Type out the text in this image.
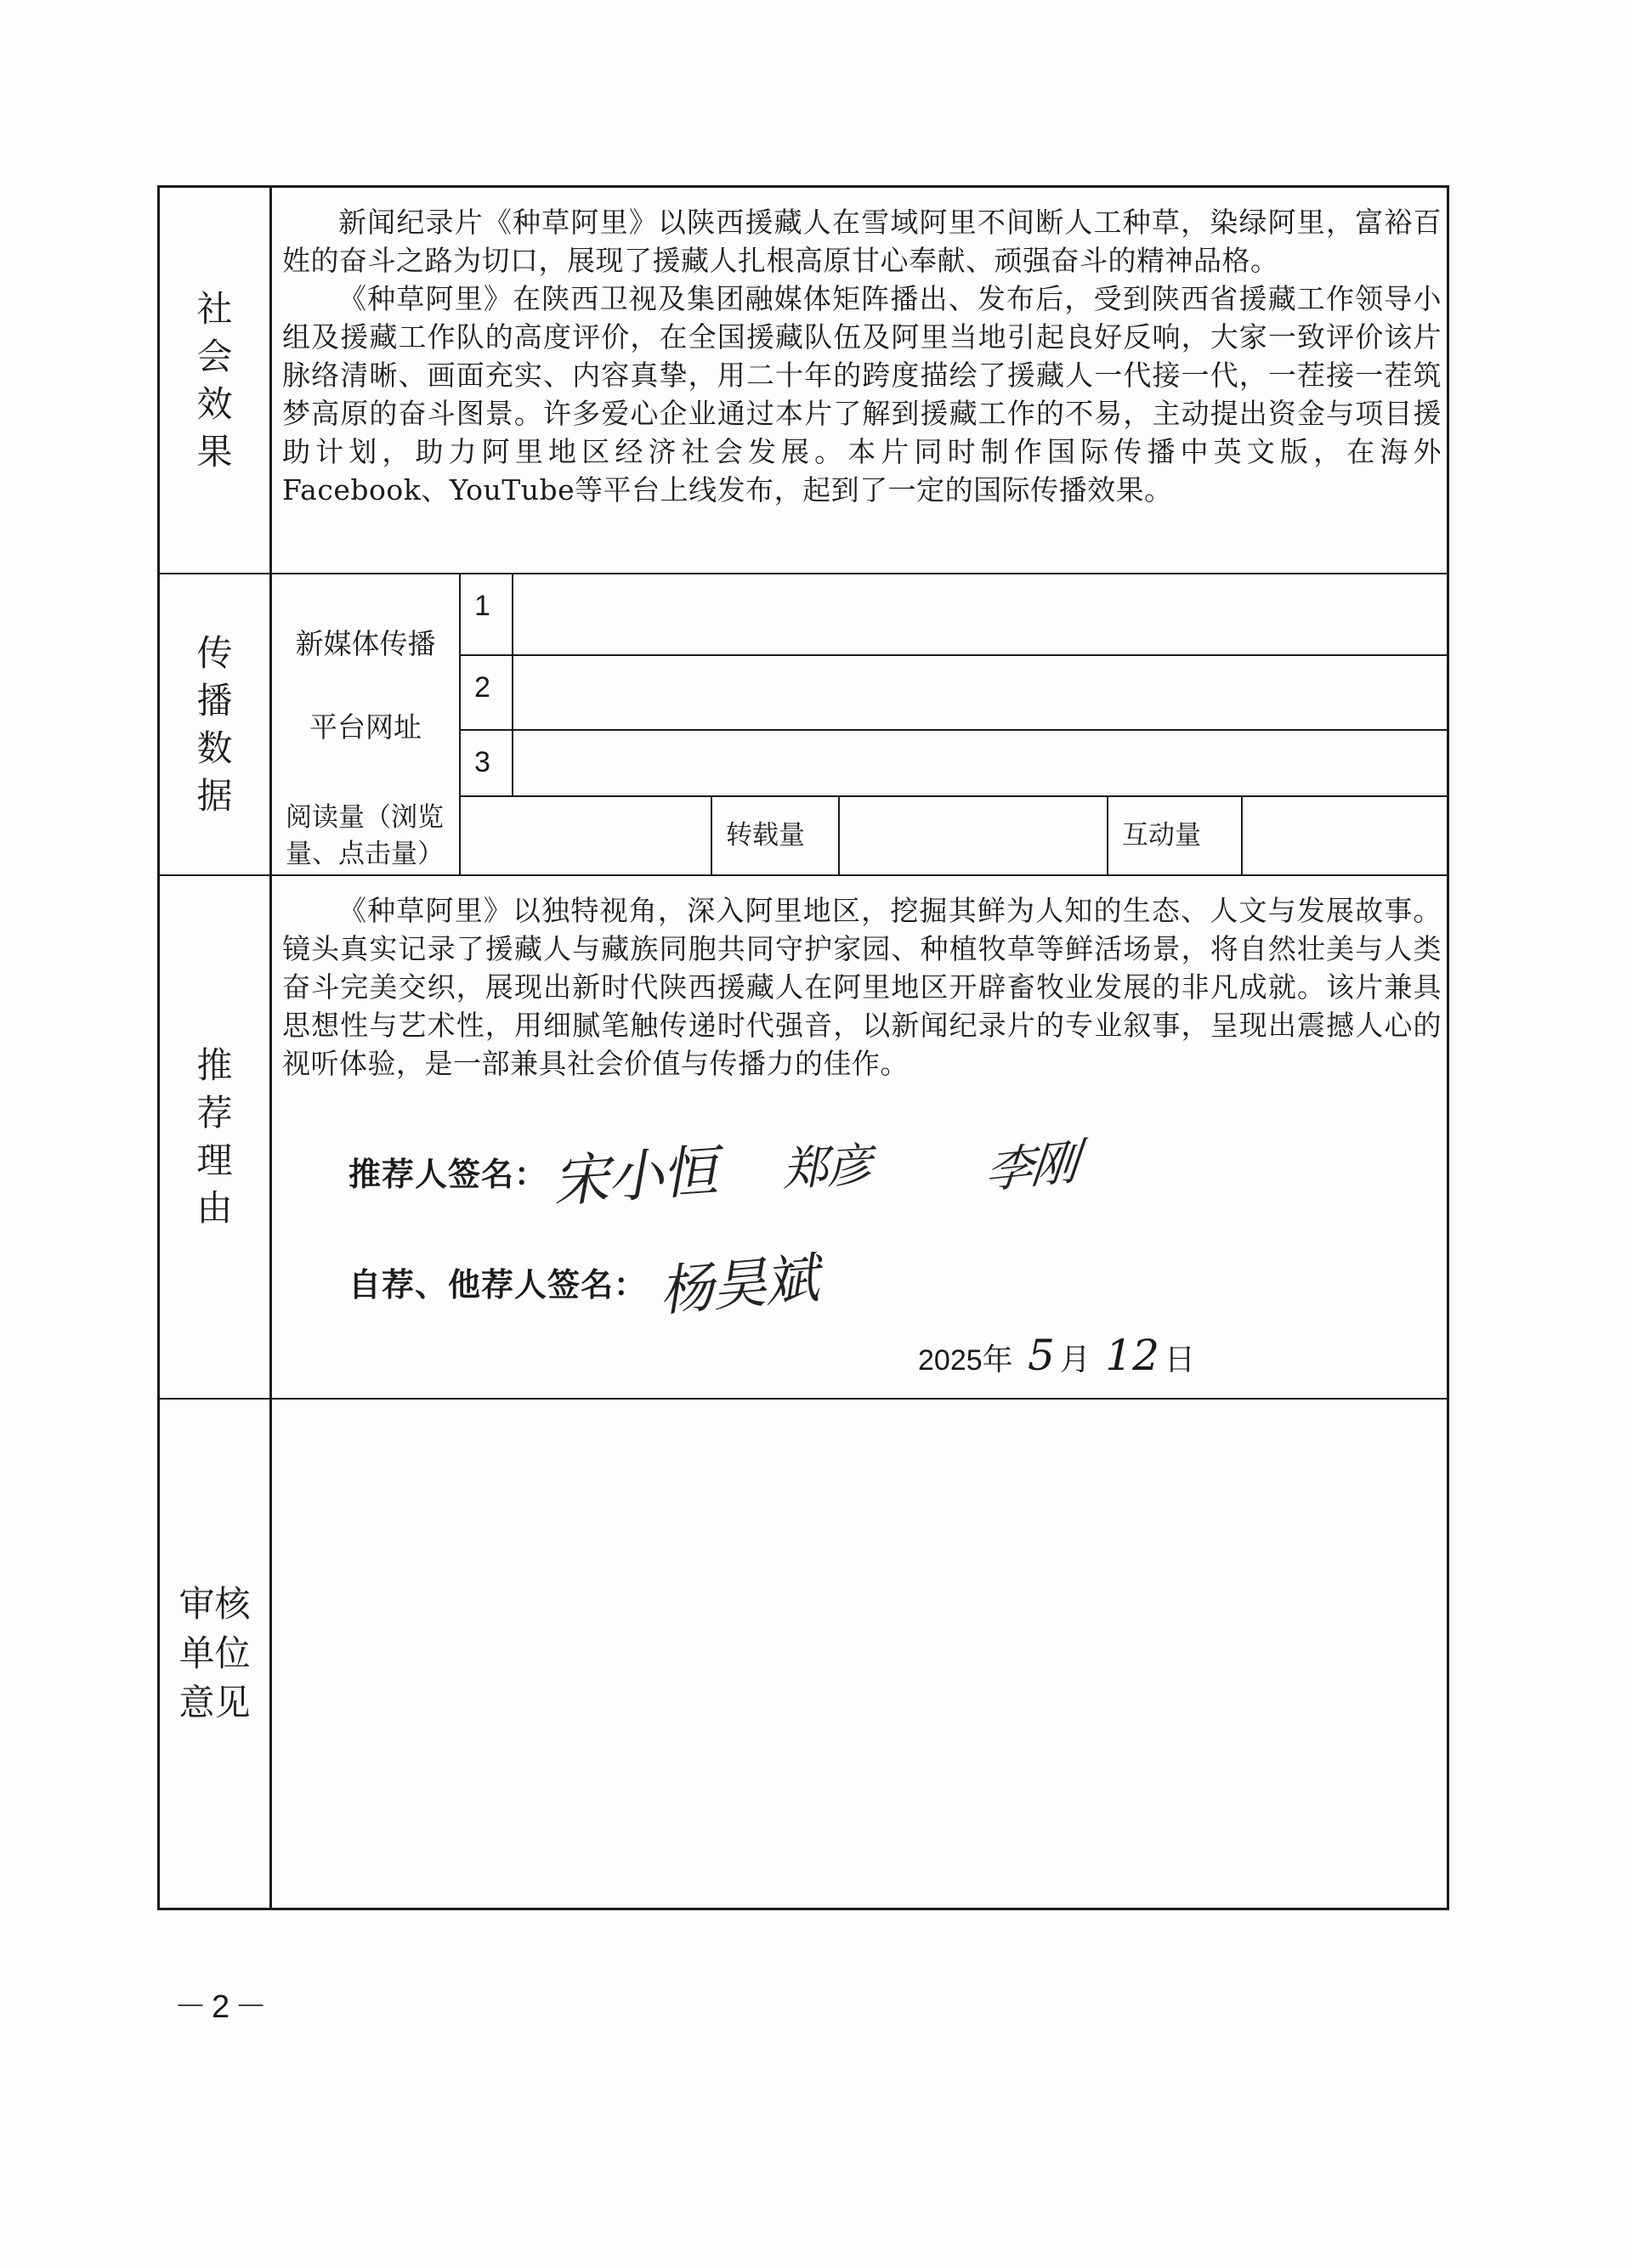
社会效果

新闻纪录片《种草阿里》以陕西援藏人在雪域阿里不间断人工种草，染绿阿里，富裕百姓的奋斗之路为切口，展现了援藏人扎根高原甘心奉献、顽强奋斗的精神品格。

《种草阿里》在陕西卫视及集团融媒体矩阵播出、发布后，受到陕西省援藏工作领导小组及援藏工作队的高度评价，在全国援藏队伍及阿里当地引起良好反响，大家一致评价该片脉络清晰、画面充实、内容真挚，用二十年的跨度描绘了援藏人一代接一代，一茬接一茬筑梦高原的奋斗图景。许多爱心企业通过本片了解到援藏工作的不易，主动提出资金与项目援助计划，助力阿里地区经济社会发展。本片同时制作国际传播中英文版，在海外Facebook、YouTube等平台上线发布，起到了一定的国际传播效果。

传播数据
新媒体传播
平台网址
1
2
3
阅读量（浏览量、点击量）
转载量	互动量
推荐理由

《种草阿里》以独特视角，深入阿里地区，挖掘其鲜为人知的生态、人文与发展故事。镜头真实记录了援藏人与藏族同胞共同守护家园、种植牧草等鲜活场景，将自然壮美与人类奋斗完美交织，展现出新时代陕西援藏人在阿里地区开辟畜牧业发展的非凡成就。该片兼具思想性与艺术性，用细腻笔触传递时代强音，以新闻纪录片的专业叙事，呈现出震撼人心的视听体验，是一部兼具社会价值与传播力的佳作。

推荐人签名： 宋小恒 郑彦 李刚
自荐、他荐人签名： 杨昊斌
2025年 5 月 12 日
审核单位意见
－2－
